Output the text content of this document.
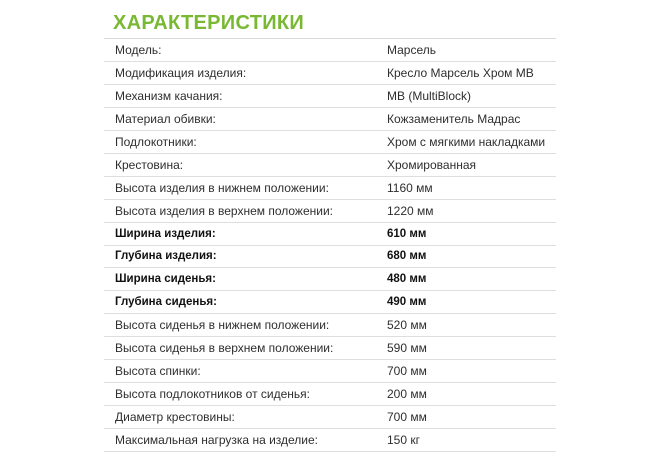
ХАРАКТЕРИСТИКИ
Модель:	Марсель
Модификация изделия:	Кресло Марсель Хром MB
Механизм качания:	MB (MultiBlock)
Материал обивки:	Кожзаменитель Мадрас
Подлокотники:	Хром с мягкими накладками
Крестовина:	Хромированная
Высота изделия в нижнем положении:	1160 мм
Высота изделия в верхнем положении:	1220 мм
Ширина изделия:	610 мм
Глубина изделия:	680 мм
Ширина сиденья:	480 мм
Глубина сиденья:	490 мм
Высота сиденья в нижнем положении:	520 мм
Высота сиденья в верхнем положении:	590 мм
Высота спинки:	700 мм
Высота подлокотников от сиденья:	200 мм
Диаметр крестовины:	700 мм
Максимальная нагрузка на изделие:	150 кг
